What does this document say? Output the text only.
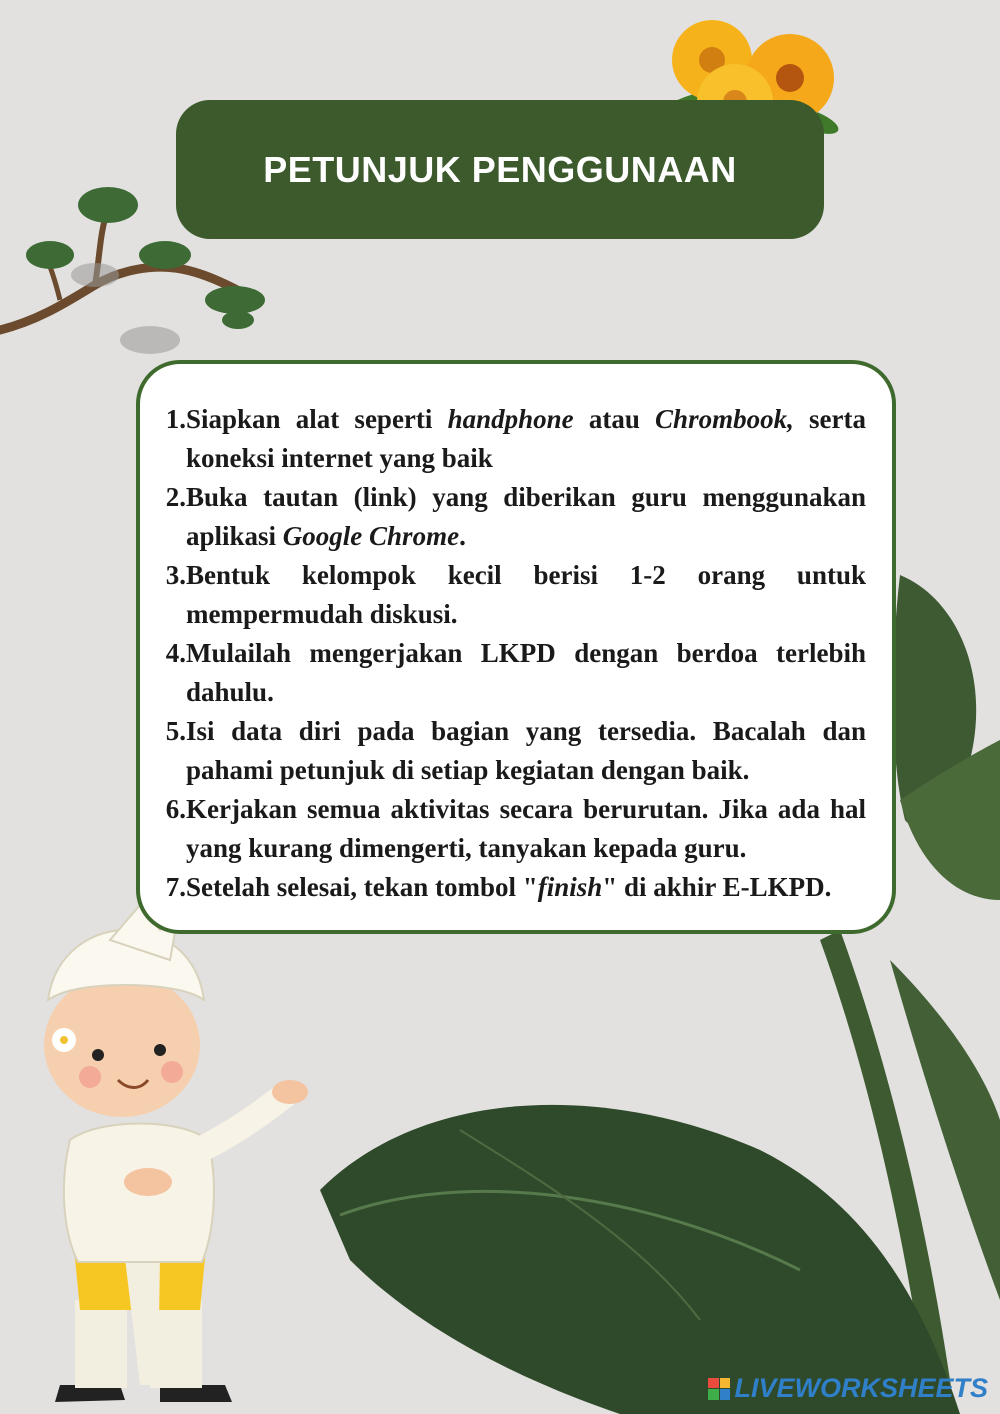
PETUNJUK PENGGUNAAN
1. Siapkan alat seperti handphone atau Chrombook, serta koneksi internet yang baik
2. Buka tautan (link) yang diberikan guru menggunakan aplikasi Google Chrome.
3. Bentuk kelompok kecil berisi 1-2 orang untuk mempermudah diskusi.
4. Mulailah mengerjakan LKPD dengan berdoa terlebih dahulu.
5. Isi data diri pada bagian yang tersedia. Bacalah dan pahami petunjuk di setiap kegiatan dengan baik.
6. Kerjakan semua aktivitas secara berurutan. Jika ada hal yang kurang dimengerti, tanyakan kepada guru.
7. Setelah selesai, tekan tombol "finish" di akhir E-LKPD.
LIVEWORKSHEETS
